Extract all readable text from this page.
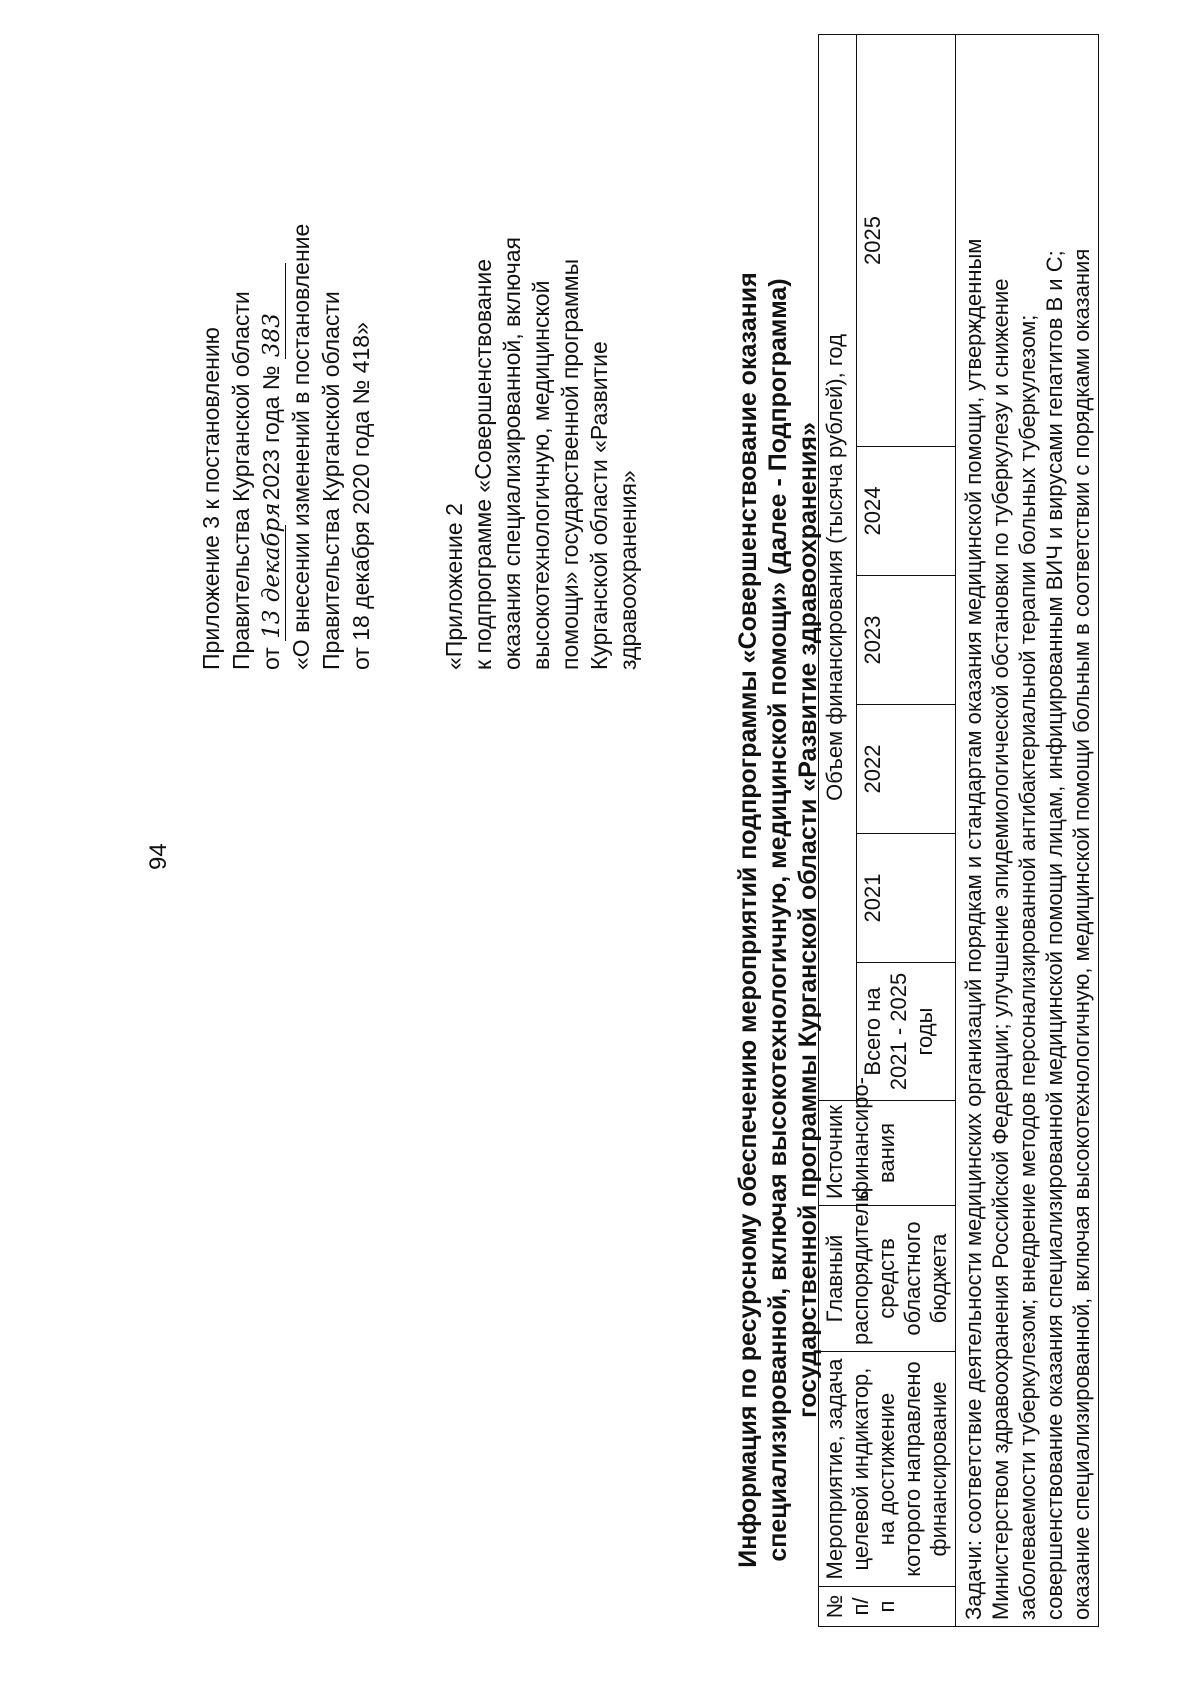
94
Приложение 3 к постановлению Правительства Курганской области от 13 декабря 2023 года № 383 «О внесении изменений в постановление Правительства Курганской области от 18 декабря 2020 года № 418»	«Приложение 2 к подпрограмме «Совершенствование оказания специализированной, включая высокотехнологичную, медицинской помощи» государственной программы Курганской области «Развитие здравоохранения»	Информация по ресурсному обеспечению мероприятий подпрограммы «Совершенствование оказания специализированной, включая высокотехнологичную, медицинской помощи» (далее - Подпрограмма) государственной программы Курганской области «Развитие здравоохранения»
№ п/п	Мероприятие, задача целевой индикатор, на достижение которого направлено финансирование	Главный распорядитель средств областного бюджета	Источник финансиро-вания	Объем финансирования (тысяча рублей), год					
				Всего на 2021 - 2025 годы	2021	2022	2023	2024	2025

Задачи: соответствие деятельности медицинских организаций порядкам и стандартам оказания медицинской помощи, утвержденным Министерством здравоохранения Российской Федерации; улучшение эпидемиологической обстановки по туберкулезу и снижение заболеваемости туберкулезом; внедрение методов персонализированной антибактериальной терапии больных туберкулезом; совершенствование оказания специализированной медицинской помощи лицам, инфицированным ВИЧ и вирусами гепатитов В и С; оказание специализированной, включая высокотехнологичную, медицинской помощи больным в соответствии с порядками оказания									
